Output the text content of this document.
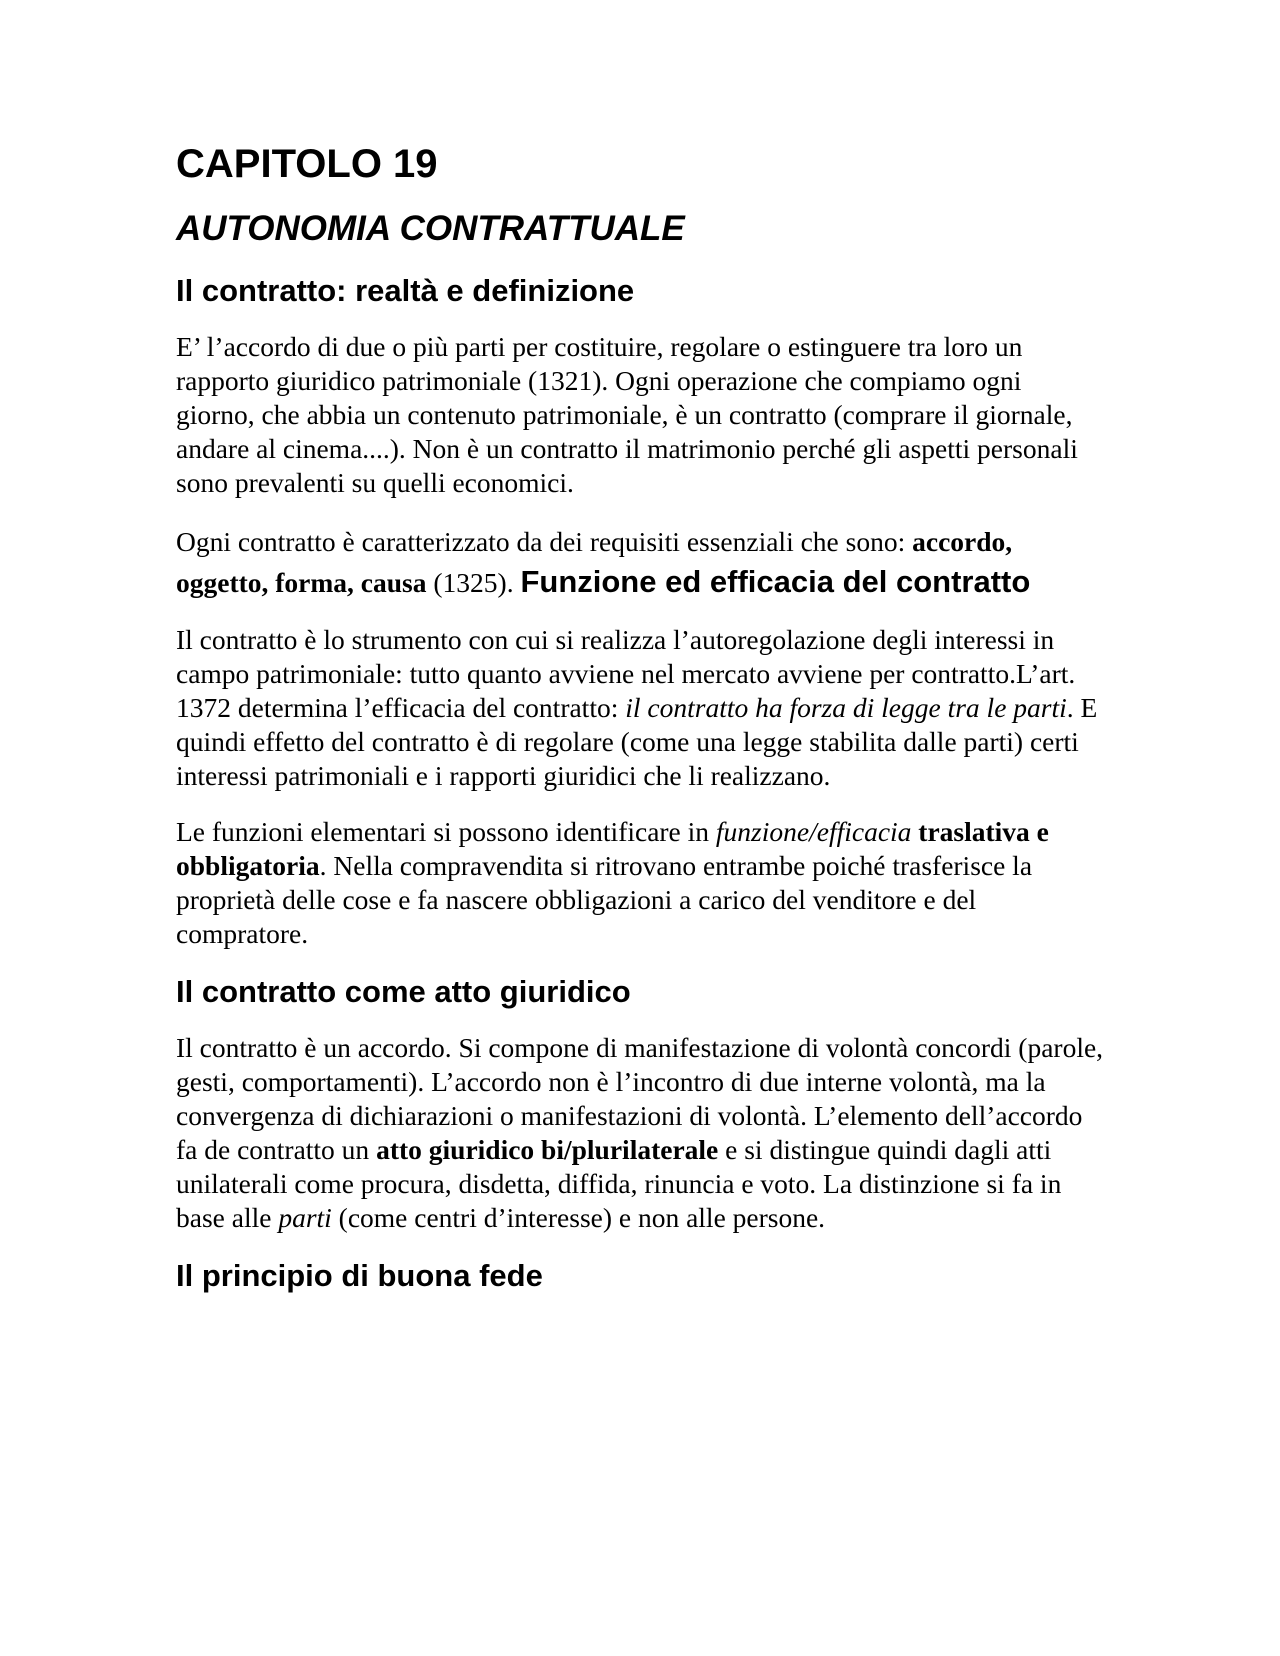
CAPITOLO 19
AUTONOMIA CONTRATTUALE
Il contratto: realtà e definizione

E’ l’accordo di due o più parti per costituire, regolare o estinguere tra loro un rapporto giuridico patrimoniale (1321). Ogni operazione che compiamo ogni giorno, che abbia un contenuto patrimoniale, è un contratto (comprare il giornale, andare al cinema....). Non è un contratto il matrimonio perché gli aspetti personali sono prevalenti su quelli economici.

Ogni contratto è caratterizzato da dei requisiti essenziali che sono: accordo, oggetto, forma, causa (1325). Funzione ed efficacia del contratto

Il contratto è lo strumento con cui si realizza l’autoregolazione degli interessi in campo patrimoniale: tutto quanto avviene nel mercato avviene per contratto.L’art. 1372 determina l’efficacia del contratto: il contratto ha forza di legge tra le parti. E quindi effetto del contratto è di regolare (come una legge stabilita dalle parti) certi interessi patrimoniali e i rapporti giuridici che li realizzano.

Le funzioni elementari si possono identificare in funzione/efficacia traslativa e obbligatoria. Nella compravendita si ritrovano entrambe poiché trasferisce la proprietà delle cose e fa nascere obbligazioni a carico del venditore e del compratore.

Il contratto come atto giuridico

Il contratto è un accordo. Si compone di manifestazione di volontà concordi (parole, gesti, comportamenti). L’accordo non è l’incontro di due interne volontà, ma la convergenza di dichiarazioni o manifestazioni di volontà. L’elemento dell’accordo fa de contratto un atto giuridico bi/plurilaterale e si distingue quindi dagli atti unilaterali come procura, disdetta, diffida, rinuncia e voto. La distinzione si fa in base alle parti (come centri d’interesse) e non alle persone.

Il principio di buona fede
